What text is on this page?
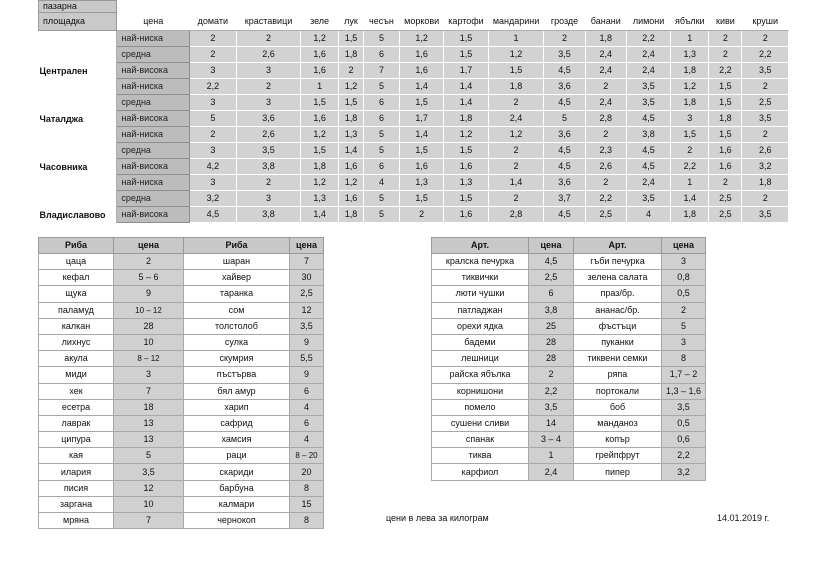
пазарна															
площадка	цена	домати	краставици	зеле	лук	чесън	моркови	картофи	мандарини	грозде	банани	лимони	ябълки	киви	круши
	най-ниска	2	2	1,2	1,5	5	1,2	1,5	1	2	1,8	2,2	1	2	2
	средна	2	2,6	1,6	1,8	6	1,6	1,5	1,2	3,5	2,4	2,4	1,3	2	2,2
Централен	най-висока	3	3	1,6	2	7	1,6	1,7	1,5	4,5	2,4	2,4	1,8	2,2	3,5
	най-ниска	2,2	2	1	1,2	5	1,4	1,4	1,8	3,6	2	3,5	1,2	1,5	2
	средна	3	3	1,5	1,5	6	1,5	1,4	2	4,5	2,4	3,5	1,8	1,5	2,5
Чаталджа	най-висока	5	3,6	1,6	1,8	6	1,7	1,8	2,4	5	2,8	4,5	3	1,8	3,5
	най-ниска	2	2,6	1,2	1,3	5	1,4	1,2	1,2	3,6	2	3,8	1,5	1,5	2
	средна	3	3,5	1,5	1,4	5	1,5	1,5	2	4,5	2,3	4,5	2	1,6	2,6
Часовника	най-висока	4,2	3,8	1,8	1,6	6	1,6	1,6	2	4,5	2,6	4,5	2,2	1,6	3,2
	най-ниска	3	2	1,2	1,2	4	1,3	1,3	1,4	3,6	2	2,4	1	2	1,8
	средна	3,2	3	1,3	1,6	5	1,5	1,5	2	3,7	2,2	3,5	1,4	2,5	2
Владиславово	най-висока	4,5	3,8	1,4	1,8	5	2	1,6	2,8	4,5	2,5	4	1,8	2,5	3,5
Риба	цена	Риба	цена
цаца	2	шаран	7
кефал	5 – 6	хайвер	30
щука	9	таранка	2,5
паламуд	10 – 12	сом	12
калкан	28	толстолоб	3,5
лихнус	10	сулка	9
акула	8 – 12	скумрия	5,5
миди	3	пъстърва	9
хек	7	бял амур	6
есетра	18	харип	4
лаврак	13	сафрид	6
ципура	13	хамсия	4
кая	5	раци	8 – 20
илария	3,5	скариди	20
писия	12	барбуна	8
заргана	10	калмари	15
мряна	7	чернокоп	8
Арт.	цена	Арт.	цена
кралска печурка	4,5	гъби печурка	3
тиквички	2,5	зелена салата	0,8
люти чушки	6	праз/бр.	0,5
патладжан	3,8	ананас/бр.	2
орехи ядка	25	фъстъци	5
бадеми	28	пуканки	3
лешници	28	тиквени семки	8
райска ябълка	2	ряпа	1,7 – 2
корнишони	2,2	портокали	1,3 – 1,6
помело	3,5	боб	3,5
сушени сливи	14	манданоз	0,5
спанак	3 – 4	копър	0,6
тиква	1	грейпфрут	2,2
карфиол	2,4	пипер	3,2
цени в лева за килограм	14.01.2019 г.
